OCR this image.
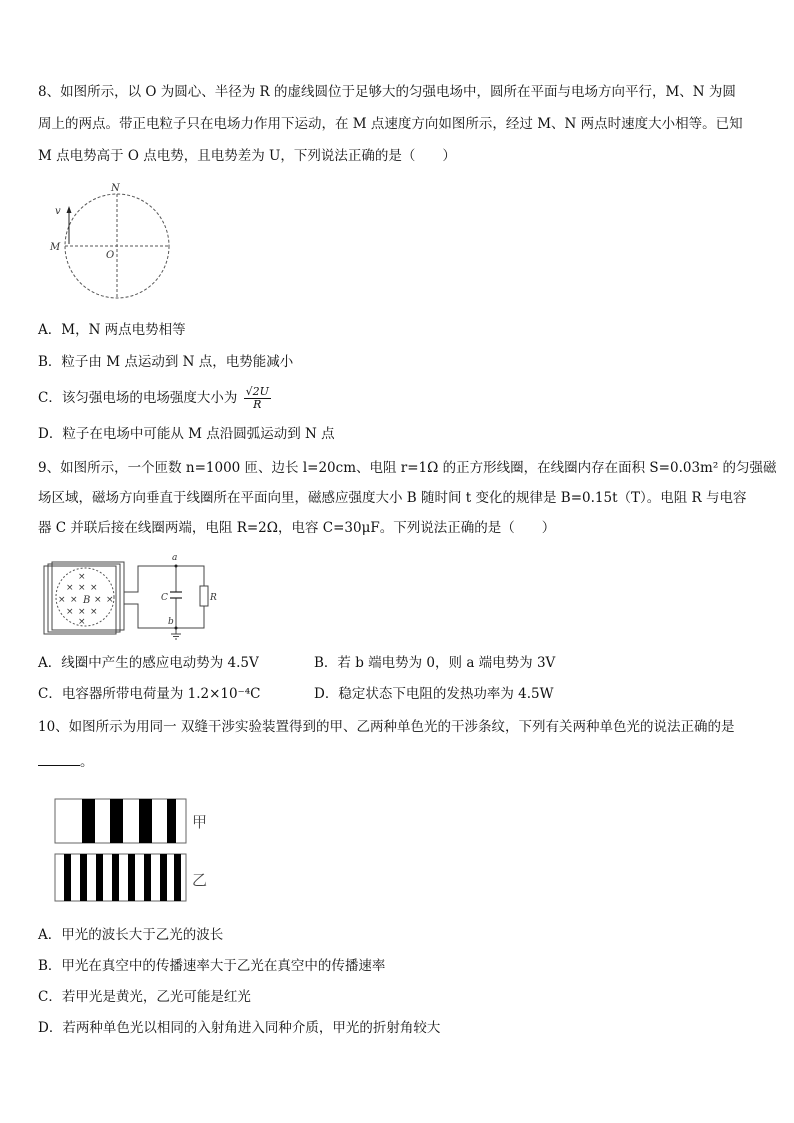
8、如图所示，以 O 为圆心、半径为 R 的虚线圆位于足够大的匀强电场中，圆所在平面与电场方向平行，M、N 为圆
周上的两点。带正电粒子只在电场力作用下运动，在 M 点速度方向如图所示，经过 M、N 两点时速度大小相等。已知
M 点电势高于 O 点电势，且电势差为 U，下列说法正确的是（　　）
N
M
O
v
A．M，N 两点电势相等
B．粒子由 M 点运动到 N 点，电势能减小
C．该匀强电场的电场强度大小为 $\frac{√2U}{R}$
D．粒子在电场中可能从 M 点沿圆弧运动到 N 点
9、如图所示，一个匝数 n=1000 匝、边长 l=20cm、电阻 r=1Ω 的正方形线圈，在线圈内存在面积 S=0.03m² 的匀强磁
场区域，磁场方向垂直于线圈所在平面向里，磁感应强度大小 B 随时间 t 变化的规律是 B=0.15t（T）。电阻 R 与电容
器 C 并联后接在线圈两端，电阻 R=2Ω，电容 C=30μF。下列说法正确的是（　　）
×
× × ×
× × × ×
× × ×
×
B
a
b
C	R
A．线圈中产生的感应电动势为 4.5V	B．若 b 端电势为 0，则 a 端电势为 3V
C．电容器所带电荷量为 1.2×10⁻⁴C	D．稳定状态下电阻的发热功率为 4.5W
10、如图所示为用同一 双缝干涉实验装置得到的甲、乙两种单色光的干涉条纹，下列有关两种单色光的说法正确的是
。
甲
乙
A．甲光的波长大于乙光的波长
B．甲光在真空中的传播速率大于乙光在真空中的传播速率
C．若甲光是黄光，乙光可能是红光
D．若两种单色光以相同的入射角进入同种介质，甲光的折射角较大
